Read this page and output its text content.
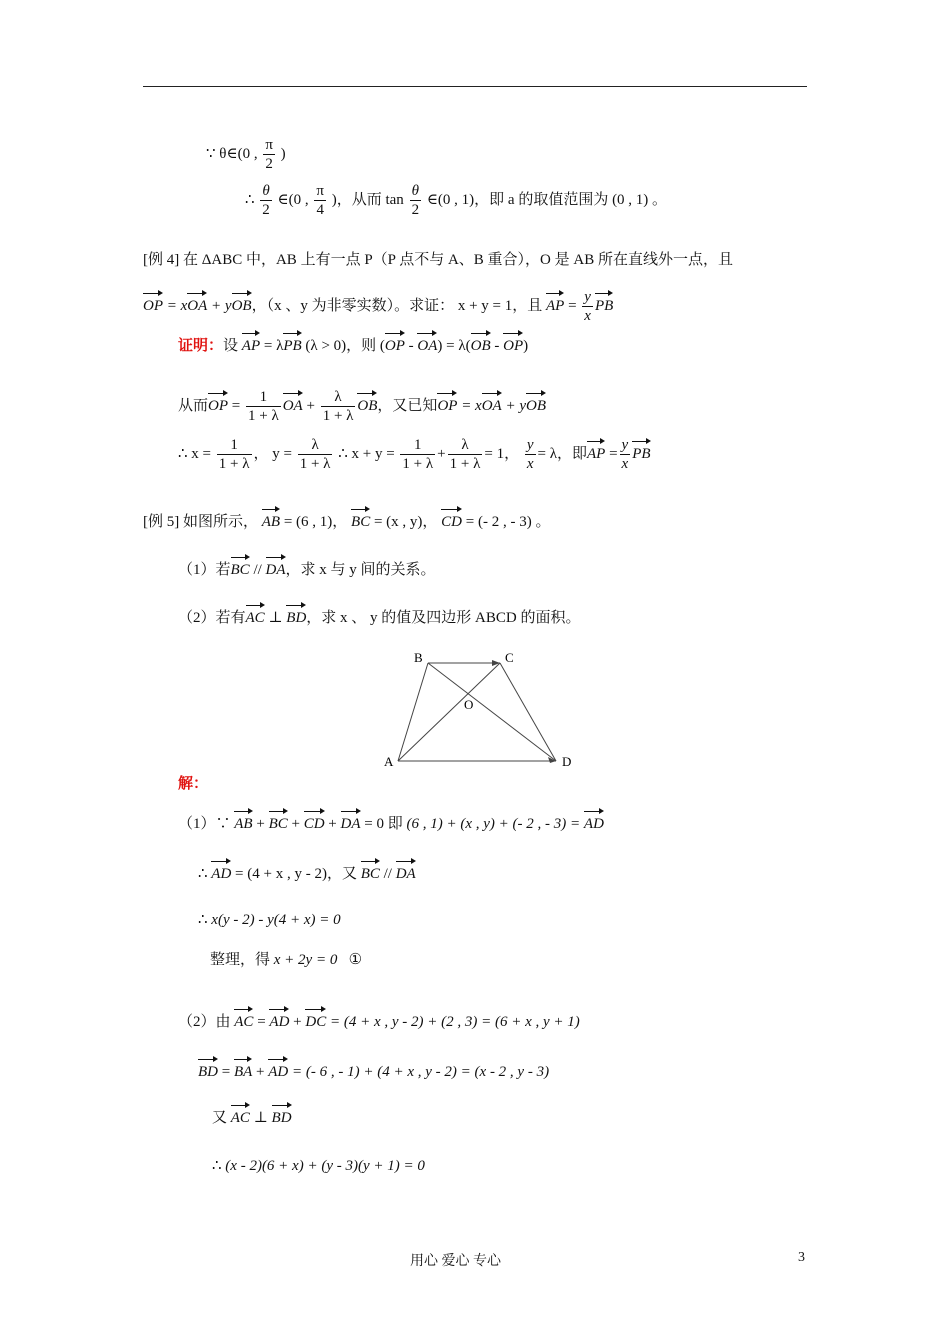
∵ θ∈(0 , $\frac{\pi}{2}$ )
∴ $\frac{\theta}{2}$ ∈(0 , $\frac{\pi}{4}$ )，从而 $\tan \frac{\theta}{2}$ ∈(0 , 1)，即 a 的取值范围为 (0 , 1) 。
[例 4] 在 ΔABC 中，AB 上有一点 P（P 点不与 A、B 重合），O 是 AB 所在直线外一点，且
OP = xOA + yOB，（x 、y 为非零实数）。求证： x + y = 1，且 AP = $\frac{y}{x}$ PB
证明：设 AP = λPB (λ > 0)，则 (OP - OA) = λ(OB - OP)
从而OP = $\frac{1}{1 + \lambda}$ OA + $\frac{\lambda}{1 + \lambda}$ OB，又已知OP = xOA + yOB
∴ $x = \frac{1}{1 + \lambda}$ ， $y = \frac{\lambda}{1 + \lambda}$ ∴ $x + y = \frac{1}{1 + \lambda} + \frac{\lambda}{1 + \lambda} = 1$， $\frac{y}{x} = \lambda$，即AP = $\frac{y}{x}$ PB
[例 5] 如图所示， AB = (6 , 1)， BC = (x , y)， CD = (- 2 , - 3) 。
（1）若BC // DA，求 x 与 y 间的关系。
（2）若有AC ⊥ BD，求 x 、 y 的值及四边形 ABCD 的面积。
B	C
O
A	D
解：
（1）∵ AB + BC + CD + DA = 0 即 (6 , 1) + (x , y) + (- 2 , - 3) = AD
∴ AD = (4 + x , y - 2)，又 BC // DA
∴ x(y - 2) - y(4 + x) = 0
整理，得 x + 2y = 0 ①
（2）由 AC = AD + DC = (4 + x , y - 2) + (2 , 3) = (6 + x , y + 1)
BD = BA + AD = (- 6 , - 1) + (4 + x , y - 2) = (x - 2 , y - 3)
又 AC ⊥ BD
∴ (x - 2)(6 + x) + (y - 3)(y + 1) = 0
用心 爱心 专心	3
